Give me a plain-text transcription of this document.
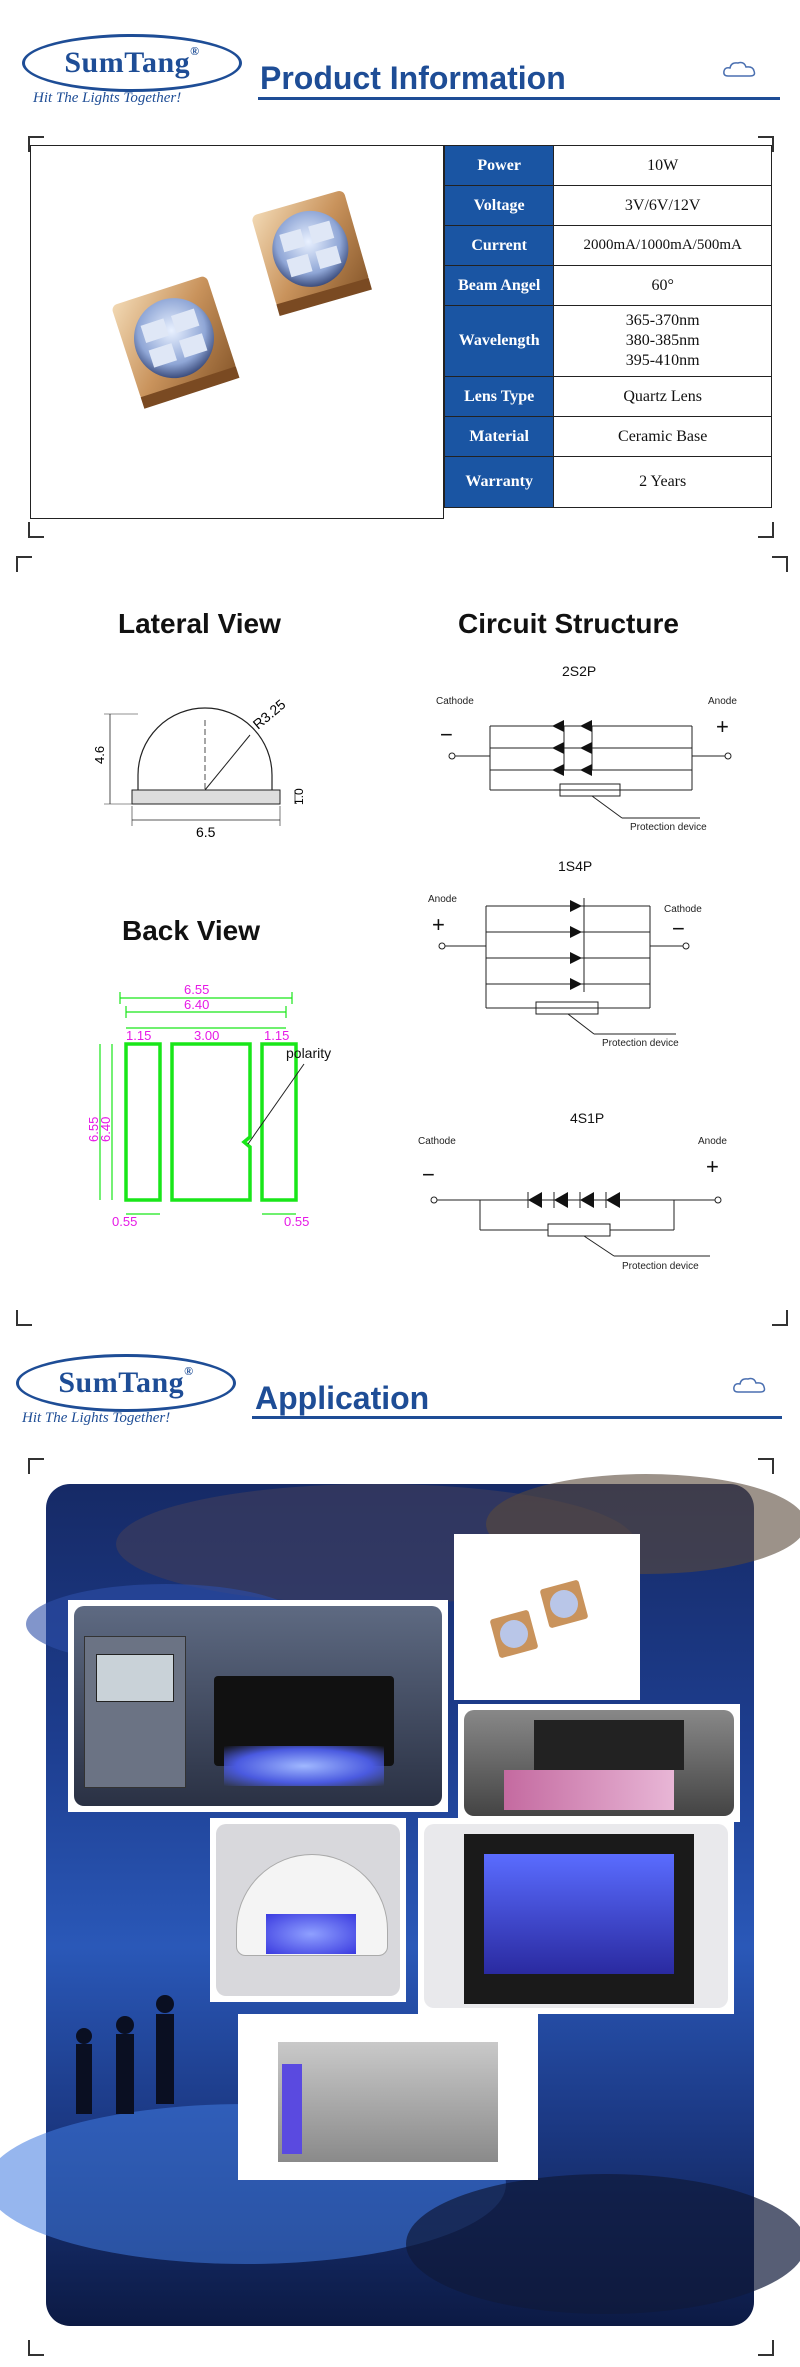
SumTang ®
Hit The Lights Together!
Product Information
Power	10W
Voltage	3V/6V/12V
Current	2000mA/1000mA/500mA
Beam Angel	60°
Wavelength	365-370nm
380-385nm
395-410nm
Lens Type	Quartz Lens
Material	Ceramic Base
Warranty	2 Years
Lateral View	Circuit Structure
Back View
4.6
1.0
6.5
R3.25
6.55
6.40
1.15	3.00	1.15
6.55
6.40
0.55	0.55
polarity
2S2P
Cathode	Anode
−	+
Protection device
1S4P
Anode
Cathode
+	−
Protection device
4S1P
Cathode	Anode
−	+
Protection device
SumTang ®
Hit The Lights Together!
Application
